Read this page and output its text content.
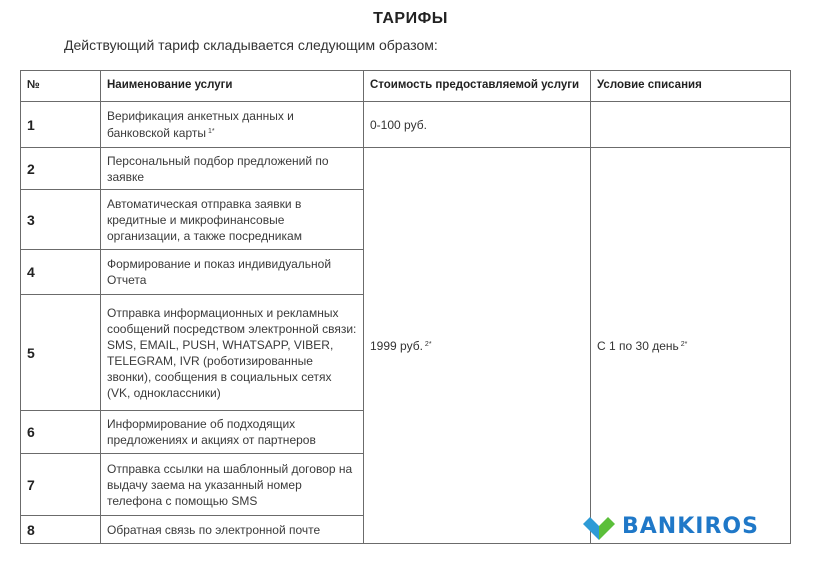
ТАРИФЫ
Действующий тариф складывается следующим образом:
№	Наименование услуги	Стоимость предоставляемой услуги	Условие списания
1	Верификация анкетных данных и банковской карты $^{1*}$	0-100 руб.	
2	Персональный подбор предложений по заявке	1999 руб. $^{2*}$	С 1 по 30 день $^{2*}$
3	Автоматическая отправка заявки в кредитные и микрофинансовые организации, а также посредникам		
4	Формирование и показ индивидуальной Отчета		
5	Отправка информационных и рекламных сообщений посредством электронной связи: SMS, EMAIL, PUSH, WHATSAPP, VIBER, TELEGRAM, IVR (роботизированные звонки), сообщения в социальных сетях (VK, одноклассники)		
6	Информирование об подходящих предложениях и акциях от партнеров		
7	Отправка ссылки на шаблонный договор на выдачу заема на указанный номер телефона с помощью SMS		
8	Обратная связь по электронной почте			BANKIROS
